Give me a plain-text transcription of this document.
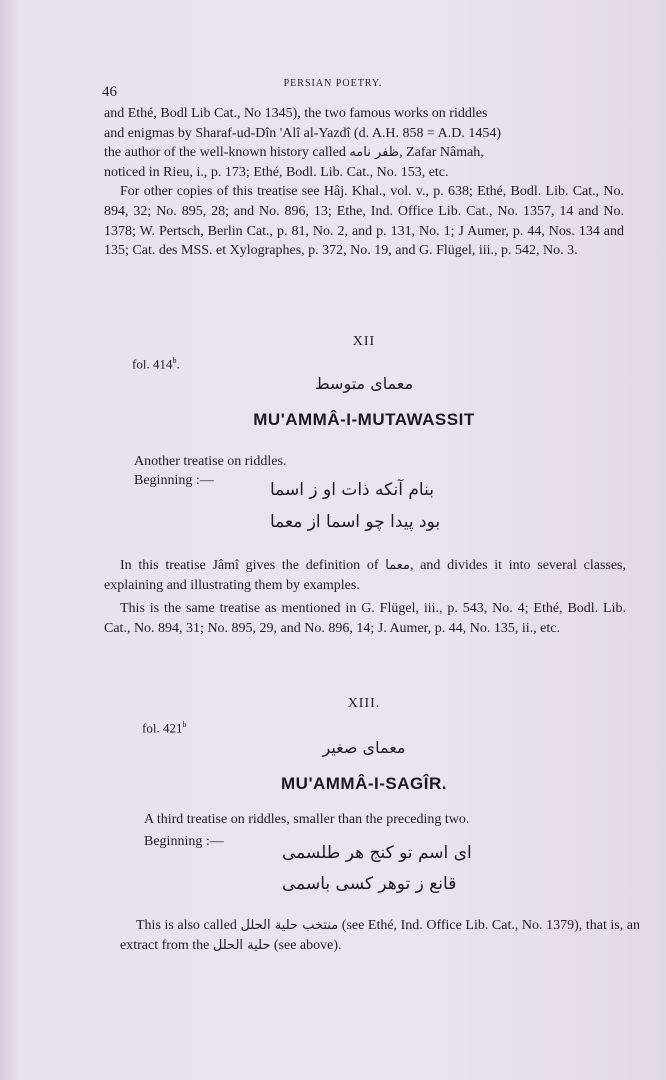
46
PERSIAN POETRY.
and Ethé, Bodl Lib Cat., No 1345), the two famous works on riddles
and enigmas by Sharaf-ud-Dîn 'Alî al-Yazdî (d. A.H. 858 = A.D. 1454)
the author of the well-known history called ظفر نامه, Zafar Nâmah,
noticed in Rieu, i., p. 173; Ethé, Bodl. Lib. Cat., No. 153, etc.
For other copies of this treatise see Hâj. Khal., vol. v., p. 638; Ethé, Bodl. Lib. Cat., No. 894, 32; No. 895, 28; and No. 896, 13; Ethe, Ind. Office Lib. Cat., No. 1357, 14 and No. 1378; W. Pertsch, Berlin Cat., p. 81, No. 2, and p. 131, No. 1; J Aumer, p. 44, Nos. 134 and 135; Cat. des MSS. et Xylographes, p. 372, No. 19, and G. Flügel, iii., p. 542, No. 3.
XII
fol. 414$^b$.
معمای متوسط
MU'AMMÂ-I-MUTAWASSIT
Another treatise on riddles.
Beginning :—	بنام آنکه ذات او ز اسما
بود پیدا چو اسما از معما
In this treatise Jâmî gives the definition of معما, and divides it into several classes, explaining and illustrating them by examples.
This is the same treatise as mentioned in G. Flügel, iii., p. 543, No. 4; Ethé, Bodl. Lib. Cat., No. 894, 31; No. 895, 29, and No. 896, 14; J. Aumer, p. 44, No. 135, ii., etc.
XIII.
fol. 421$^b$
معمای صغیر
MU'AMMÂ-I-SAGÎR.
A third treatise on riddles, smaller than the preceding two.
Beginning :—
ای اسم تو کنج هر طلسمی
قانع ز توهر کسی باسمی
This is also called منتخب حلیة الحلل (see Ethé, Ind. Office Lib. Cat., No. 1379), that is, an extract from the حلیة الحلل (see above).
